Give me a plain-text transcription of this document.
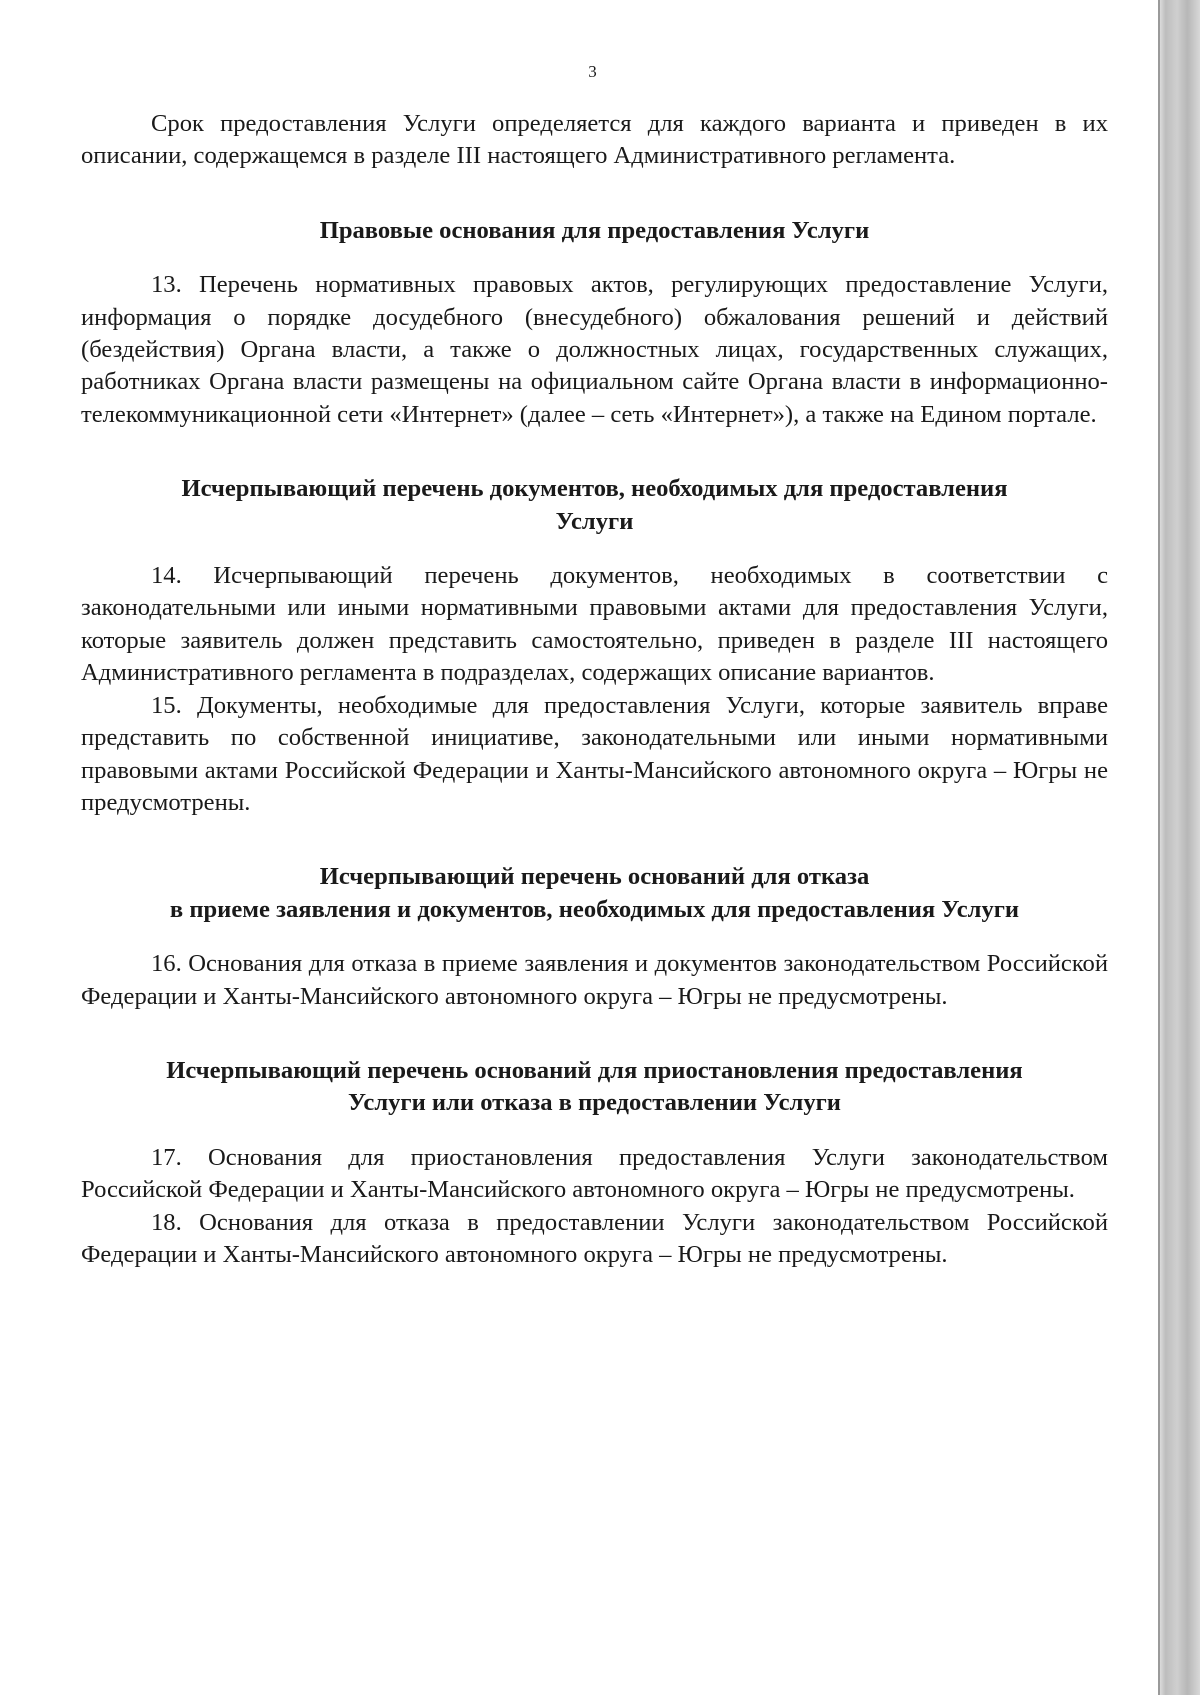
3

Срок предоставления Услуги определяется для каждого варианта и приведен в их описании, содержащемся в разделе III настоящего Административного регламента.

Правовые основания для предоставления Услуги

13. Перечень нормативных правовых актов, регулирующих предоставление Услуги, информация о порядке досудебного (внесудебного) обжалования решений и действий (бездействия) Органа власти, а также о должностных лицах, государственных служащих, работниках Органа власти размещены на официальном сайте Органа власти в информационно-телекоммуникационной сети «Интернет» (далее – сеть «Интернет»), а также на Едином портале.

Исчерпывающий перечень документов, необходимых для предоставления
Услуги

14. Исчерпывающий перечень документов, необходимых в соответствии с законодательными или иными нормативными правовыми актами для предоставления Услуги, которые заявитель должен представить самостоятельно, приведен в разделе III настоящего Административного регламента в подразделах, содержащих описание вариантов.

15. Документы, необходимые для предоставления Услуги, которые заявитель вправе представить по собственной инициативе, законодательными или иными нормативными правовыми актами Российской Федерации и Ханты-Мансийского автономного округа – Югры не предусмотрены.

Исчерпывающий перечень оснований для отказа
в приеме заявления и документов, необходимых для предоставления Услуги

16. Основания для отказа в приеме заявления и документов законодательством Российской Федерации и Ханты-Мансийского автономного округа – Югры не предусмотрены.

Исчерпывающий перечень оснований для приостановления предоставления
Услуги или отказа в предоставлении Услуги

17. Основания для приостановления предоставления Услуги законодательством Российской Федерации и Ханты-Мансийского автономного округа – Югры не предусмотрены.

18. Основания для отказа в предоставлении Услуги законодательством Российской Федерации и Ханты-Мансийского автономного округа – Югры не предусмотрены.
